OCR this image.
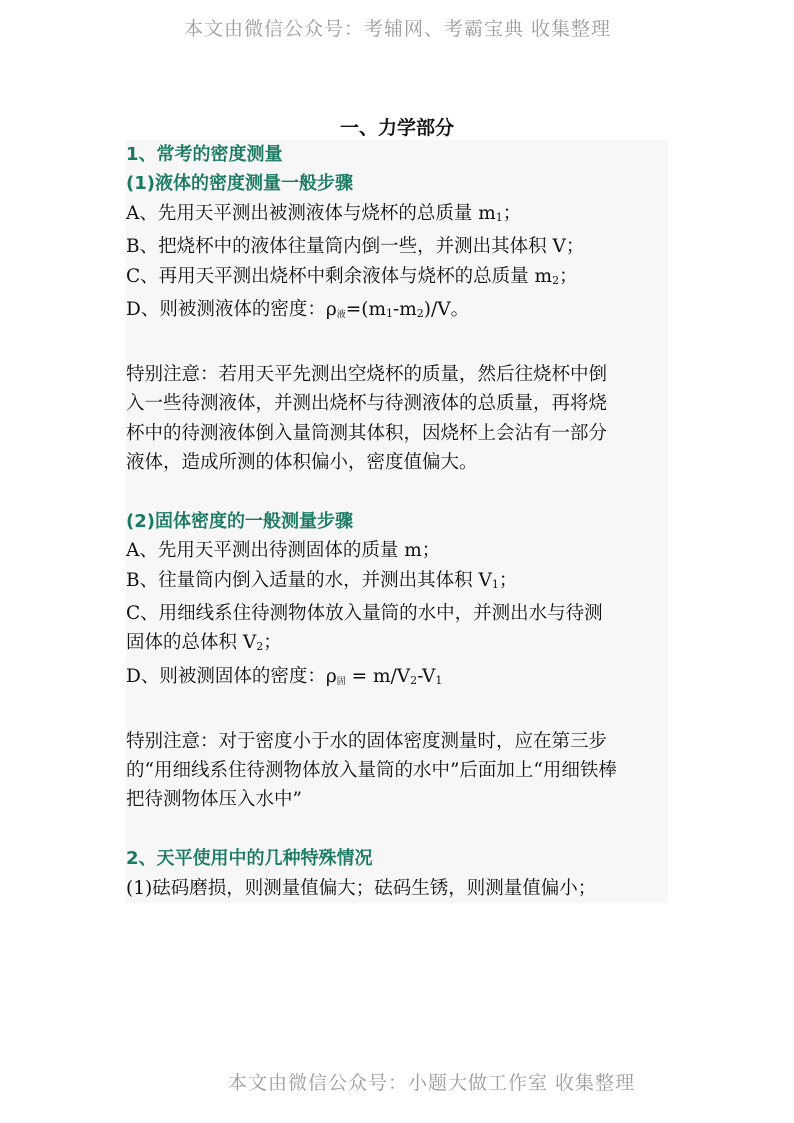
本文由微信公众号：考辅网、考霸宝典 收集整理
一、力学部分
1、常考的密度测量
(1)液体的密度测量一般步骤
A、先用天平测出被测液体与烧杯的总质量 $m_1$；
B、把烧杯中的液体往量筒内倒一些，并测出其体积 V；
C、再用天平测出烧杯中剩余液体与烧杯的总质量 $m_2$；
D、则被测液体的密度：ρ液$=(m_1-m_2)/V$。
特别注意：若用天平先测出空烧杯的质量，然后往烧杯中倒
入一些待测液体，并测出烧杯与待测液体的总质量，再将烧
杯中的待测液体倒入量筒测其体积，因烧杯上会沾有一部分
液体，造成所测的体积偏小，密度值偏大。
(2)固体密度的一般测量步骤
A、先用天平测出待测固体的质量 m；
B、往量筒内倒入适量的水，并测出其体积 $V_1$；
C、用细线系住待测物体放入量筒的水中，并测出水与待测
固体的总体积 $V_2$；
D、则被测固体的密度：ρ固 = $m/V_2-V_1$
特别注意：对于密度小于水的固体密度测量时，应在第三步
的“用细线系住待测物体放入量筒的水中”后面加上“用细铁棒
把待测物体压入水中”
2、天平使用中的几种特殊情况
(1)砝码磨损，则测量值偏大；砝码生锈，则测量值偏小；
本文由微信公众号：小题大做工作室 收集整理
